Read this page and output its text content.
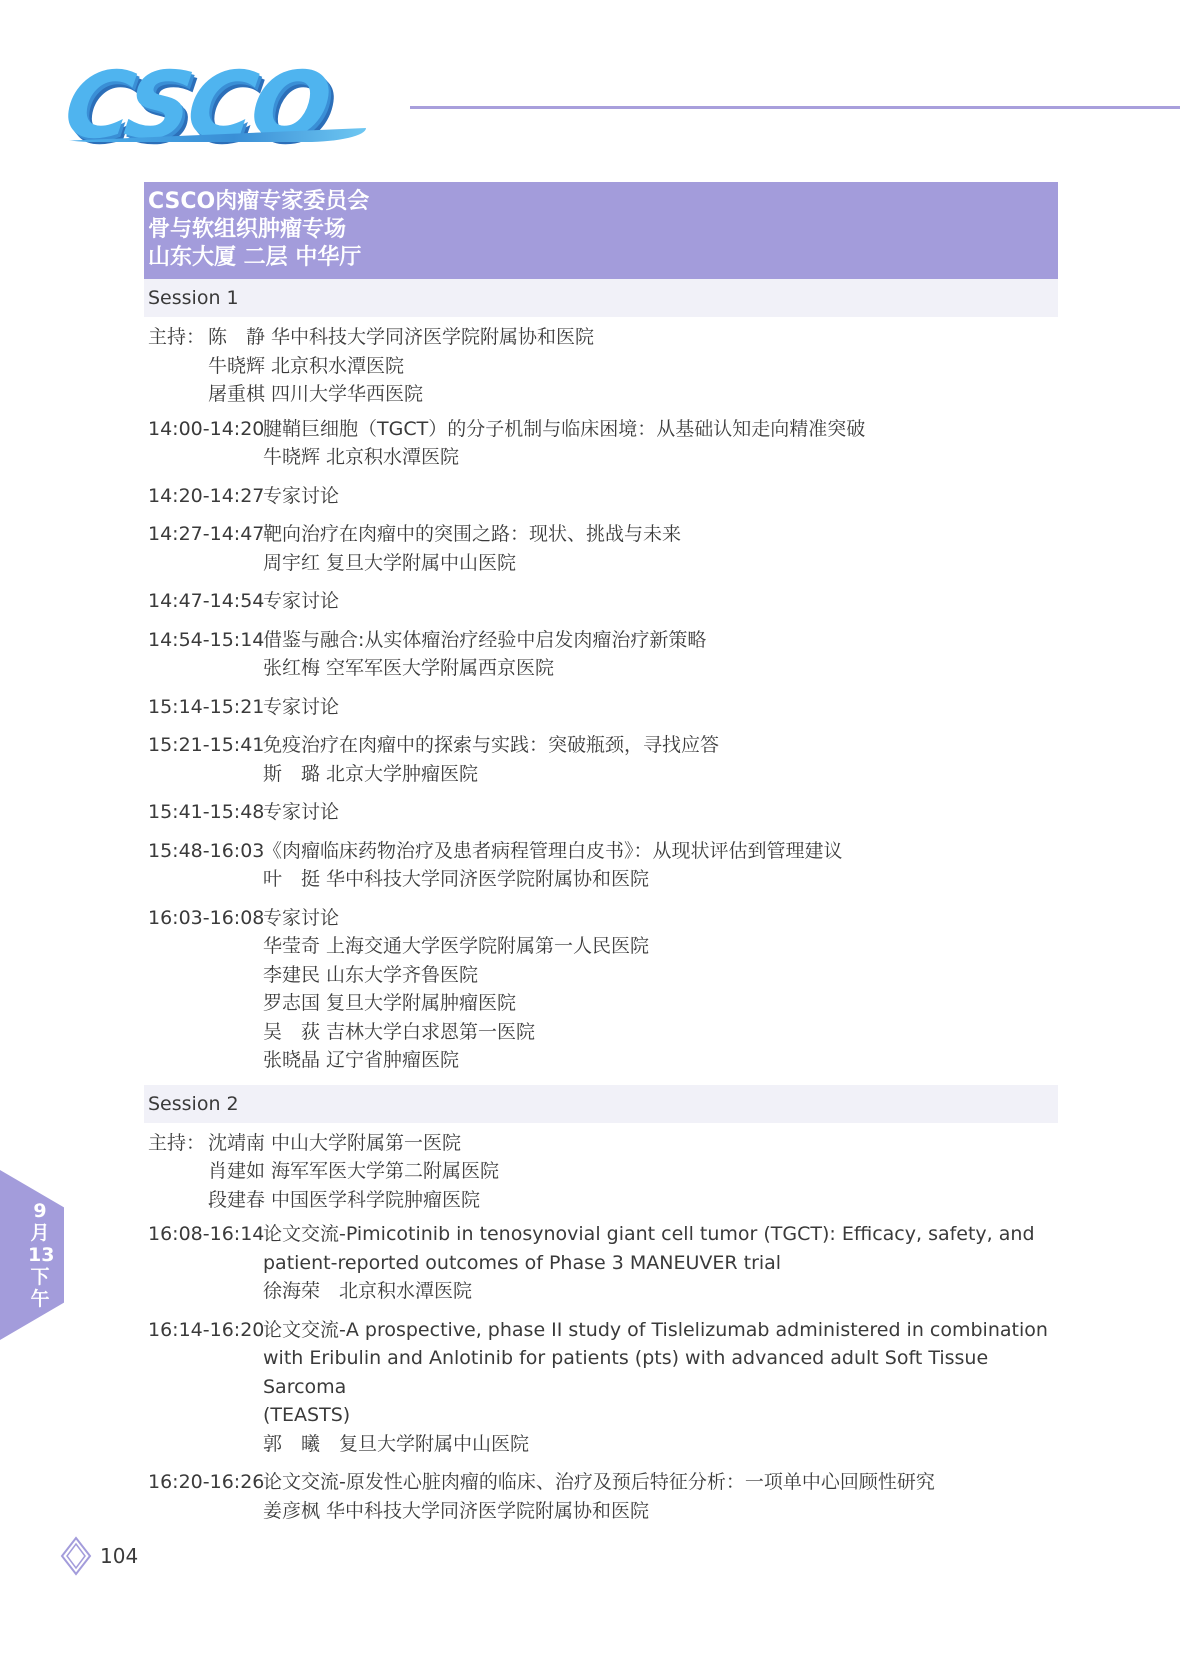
CSCO
CSCO肉瘤专家委员会
骨与软组织肿瘤专场
山东大厦 二层 中华厅
Session 1
主持： 陈　静 华中科技大学同济医学院附属协和医院
牛晓辉 北京积水潭医院
屠重棋 四川大学华西医院
14:00-14:20
腱鞘巨细胞（TGCT）的分子机制与临床困境：从基础认知走向精准突破
牛晓辉 北京积水潭医院
14:20-14:27
专家讨论
14:27-14:47
靶向治疗在肉瘤中的突围之路：现状、挑战与未来
周宇红 复旦大学附属中山医院
14:47-14:54
专家讨论
14:54-15:14
借鉴与融合:从实体瘤治疗经验中启发肉瘤治疗新策略
张红梅 空军军医大学附属西京医院
15:14-15:21
专家讨论
15:21-15:41
免疫治疗在肉瘤中的探索与实践：突破瓶颈，寻找应答
斯　璐 北京大学肿瘤医院
15:41-15:48
专家讨论
15:48-16:03
《肉瘤临床药物治疗及患者病程管理白皮书》：从现状评估到管理建议
叶　挺 华中科技大学同济医学院附属协和医院
16:03-16:08
专家讨论
华莹奇 上海交通大学医学院附属第一人民医院
李建民 山东大学齐鲁医院
罗志国 复旦大学附属肿瘤医院
吴　荻 吉林大学白求恩第一医院
张晓晶 辽宁省肿瘤医院
Session 2
主持： 沈靖南 中山大学附属第一医院
肖建如 海军军医大学第二附属医院
段建春 中国医学科学院肿瘤医院
16:08-16:14
论文交流-Pimicotinib in tenosynovial giant cell tumor (TGCT): Efficacy, safety, and
patient-reported outcomes of Phase 3 MANEUVER trial
徐海荣　北京积水潭医院
16:14-16:20
论文交流-A prospective, phase II study of Tislelizumab administered in combination
with Eribulin and Anlotinib for patients (pts) with advanced adult Soft Tissue Sarcoma
(TEASTS)
郭　曦　复旦大学附属中山医院
16:20-16:26
论文交流-原发性心脏肉瘤的临床、治疗及预后特征分析：一项单中心回顾性研究
姜彦枫 华中科技大学同济医学院附属协和医院
9
月
13
下
午
104
